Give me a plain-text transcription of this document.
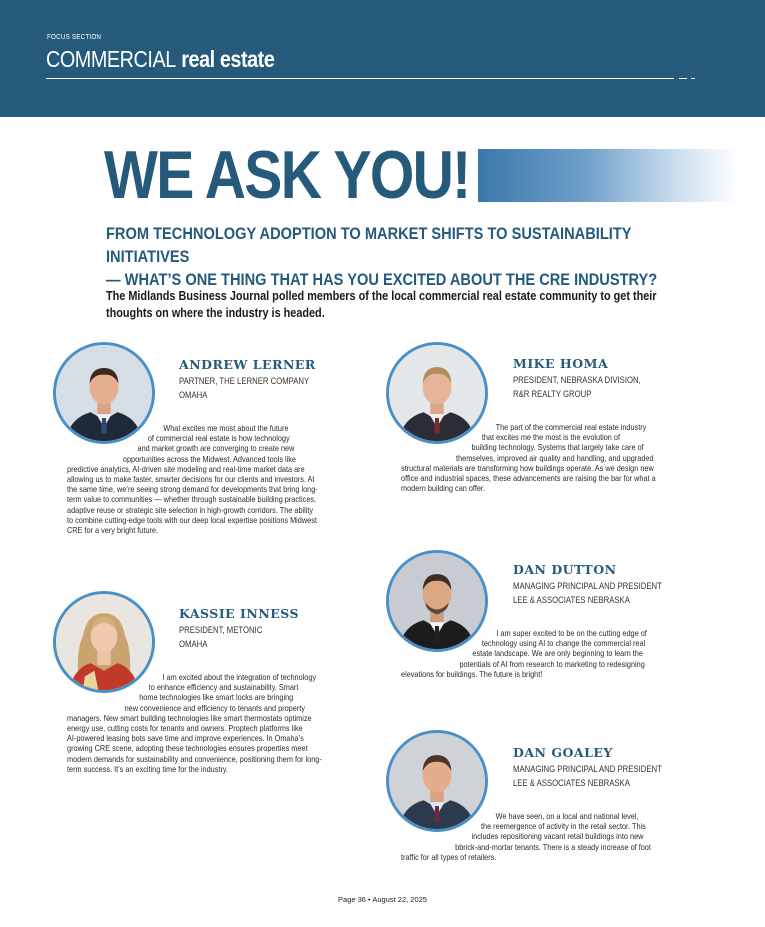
FOCUS SECTION
COMMERCIAL real estate
WE ASK YOU!
FROM TECHNOLOGY ADOPTION TO MARKET SHIFTS TO SUSTAINABILITY INITIATIVES
— WHAT’S ONE THING THAT HAS YOU EXCITED ABOUT THE CRE INDUSTRY?
The Midlands Business Journal polled members of the local commercial real estate community to get their
thoughts on where the industry is headed.
ANDREW LERNER
PARTNER, THE LERNER COMPANY
OMAHA
What excites me most about the future
of commercial real estate is how technology
and market growth are converging to create new
opportunities across the Midwest. Advanced tools like
predictive analytics, AI-driven site modeling and real-time market data are
allowing us to make faster, smarter decisions for our clients and investors. At
the same time, we’re seeing strong demand for developments that bring long-
term value to communities — whether through sustainable building practices,
adaptive reuse or strategic site selection in high-growth corridors. The ability
to combine cutting-edge tools with our deep local expertise positions Midwest
CRE for a very bright future.
MIKE HOMA
PRESIDENT, NEBRASKA DIVISION,
R&R REALTY GROUP
The part of the commercial real estate industry
that excites me the most is the evolution of
building technology. Systems that largely take care of
themselves, improved air quality and handling, and upgraded
structural materials are transforming how buildings operate. As we design new
office and industrial spaces, these advancements are raising the bar for what a
modern building can offer.
DAN DUTTON
MANAGING PRINCIPAL AND PRESIDENT
LEE & ASSOCIATES NEBRASKA
I am super excited to be on the cutting edge of
technology using AI to change the commercial real
estate landscape. We are only beginning to learn the
potentials of AI from research to marketing to redesigning
elevations for buildings. The future is bright!
KASSIE INNESS
PRESIDENT, METONIC
OMAHA
I am excited about the integration of technology
to enhance efficiency and sustainability. Smart
home technologies like smart locks are bringing
new convenience and efficiency to tenants and property
managers. New smart building technologies like smart thermostats optimize
energy use, cutting costs for tenants and owners. Proptech platforms like
AI-powered leasing bots save time and improve experiences. In Omaha’s
growing CRE scene, adopting these technologies ensures properties meet
modern demands for sustainability and convenience, positioning them for long-
term success. It’s an exciting time for the industry.
DAN GOALEY
MANAGING PRINCIPAL AND PRESIDENT
LEE & ASSOCIATES NEBRASKA
We have seen, on a local and national level,
the reemergence of activity in the retail sector. This
includes repositioning vacant retail buildings into new
bbrick-and-mortar tenants. There is a steady increase of foot
traffic for all types of retailers.
Page 36 • August 22, 2025
